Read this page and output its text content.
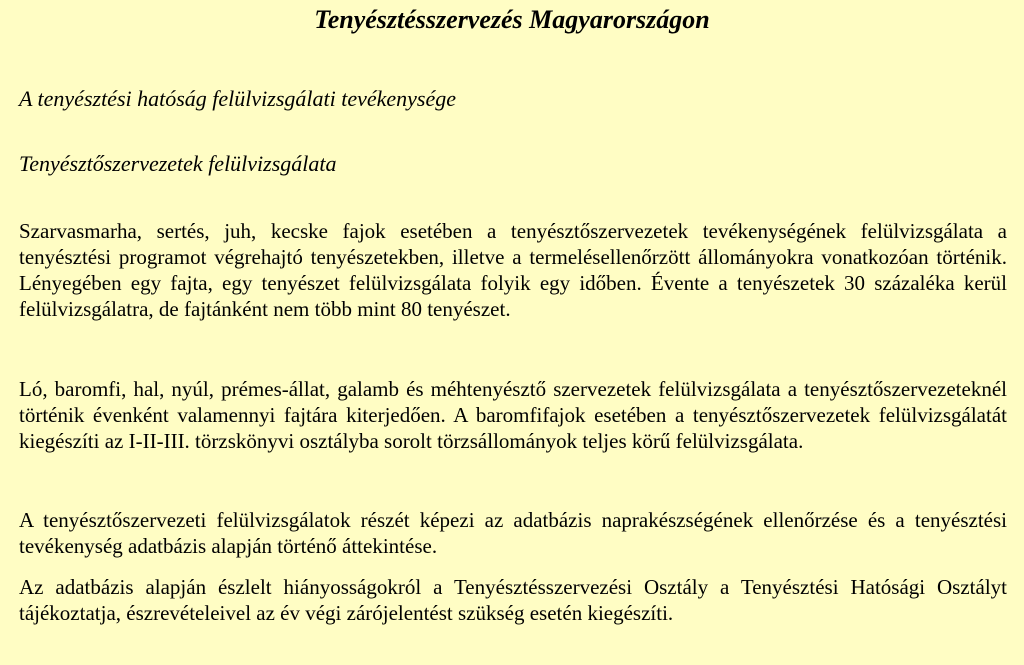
Tenyésztésszervezés Magyarországon
A tenyésztési hatóság felülvizsgálati tevékenysége
Tenyésztőszervezetek felülvizsgálata

Szarvasmarha, sertés, juh, kecske fajok esetében a tenyésztőszervezetek tevékenységének felülvizsgálata a tenyésztési programot végrehajtó tenyészetekben, illetve a termelésellenőrzött állományokra vonatkozóan történik. Lényegében egy fajta, egy tenyészet felülvizsgálata folyik egy időben. Évente a tenyészetek 30 százaléka kerül felülvizsgálatra, de fajtánként nem több mint 80 tenyészet.

Ló, baromfi, hal, nyúl, prémes-állat, galamb és méhtenyésztő szervezetek felülvizsgálata a tenyésztőszervezeteknél történik évenként valamennyi fajtára kiterjedően. A baromfifajok esetében a tenyésztőszervezetek felülvizsgálatát kiegészíti az I-II-III. törzskönyvi osztályba sorolt törzsállományok teljes körű felülvizsgálata.

A tenyésztőszervezeti felülvizsgálatok részét képezi az adatbázis naprakészségének ellenőrzése és a tenyésztési tevékenység adatbázis alapján történő áttekintése.

Az adatbázis alapján észlelt hiányosságokról a Tenyésztésszervezési Osztály a Tenyésztési Hatósági Osztályt tájékoztatja, észrevételeivel az év végi zárójelentést szükség esetén kiegészíti.
